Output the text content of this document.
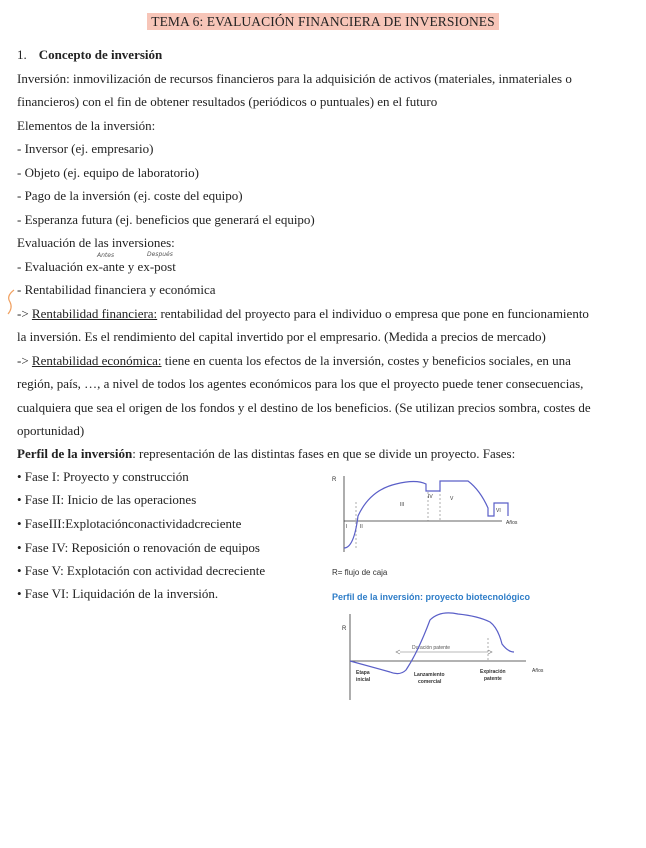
TEMA 6: EVALUACIÓN FINANCIERA DE INVERSIONES
1. Concepto de inversión
Inversión: inmovilización de recursos financieros para la adquisición de activos (materiales, inmateriales o
financieros) con el fin de obtener resultados (periódicos o puntuales) en el futuro
Elementos de la inversión:
- Inversor (ej. empresario)
- Objeto (ej. equipo de laboratorio)
- Pago de la inversión (ej. coste del equipo)
- Esperanza futura (ej. beneficios que generará el equipo)
Evaluación de las inversiones:
Antes	Después
- Evaluación ex-ante y ex-post
- Rentabilidad financiera y económica
-> Rentabilidad financiera: rentabilidad del proyecto para el individuo o empresa que pone en funcionamiento
la inversión. Es el rendimiento del capital invertido por el empresario. (Medida a precios de mercado)
-> Rentabilidad económica: tiene en cuenta los efectos de la inversión, costes y beneficios sociales, en una
región, país, …, a nivel de todos los agentes económicos para los que el proyecto puede tener consecuencias,
cualquiera que sea el origen de los fondos y el destino de los beneficios. (Se utilizan precios sombra, costes de
oportunidad)
Perfil de la inversión: representación de las distintas fases en que se divide un proyecto. Fases:
• Fase I: Proyecto y construcción
• Fase II: Inicio de las operaciones
• FaseIII:Explotaciónconactividadcreciente
• Fase IV: Reposición o renovación de equipos
• Fase V: Explotación con actividad decreciente
• Fase VI: Liquidación de la inversión.
R
Años
I	II
III
IV	V
VI
R= flujo de caja
Perfil de la inversión: proyecto biotecnológico
R
Años
Duración patente
Etapa
inicial
Lanzamiento
comercial
Expiración
patente
